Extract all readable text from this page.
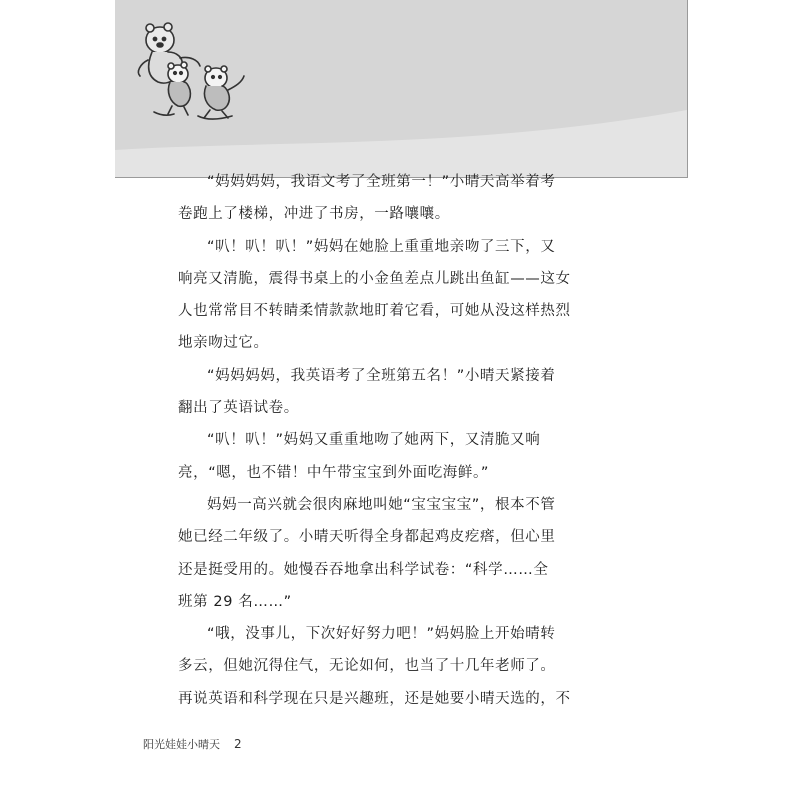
“妈妈妈妈，我语文考了全班第一！”小晴天高举着考
卷跑上了楼梯，冲进了书房，一路嚷嚷。
“叭！叭！叭！”妈妈在她脸上重重地亲吻了三下，又
响亮又清脆，震得书桌上的小金鱼差点儿跳出鱼缸——这女
人也常常目不转睛柔情款款地盯着它看，可她从没这样热烈
地亲吻过它。
“妈妈妈妈，我英语考了全班第五名！”小晴天紧接着
翻出了英语试卷。
“叭！叭！”妈妈又重重地吻了她两下，又清脆又响
亮，“嗯，也不错！中午带宝宝到外面吃海鲜。”
妈妈一高兴就会很肉麻地叫她“宝宝宝宝”，根本不管
她已经二年级了。小晴天听得全身都起鸡皮疙瘩，但心里
还是挺受用的。她慢吞吞地拿出科学试卷：“科学……全
班第 29 名……”
“哦，没事儿，下次好好努力吧！”妈妈脸上开始晴转
多云，但她沉得住气，无论如何，也当了十几年老师了。
再说英语和科学现在只是兴趣班，还是她要小晴天选的，不
阳光娃娃小晴天 2
